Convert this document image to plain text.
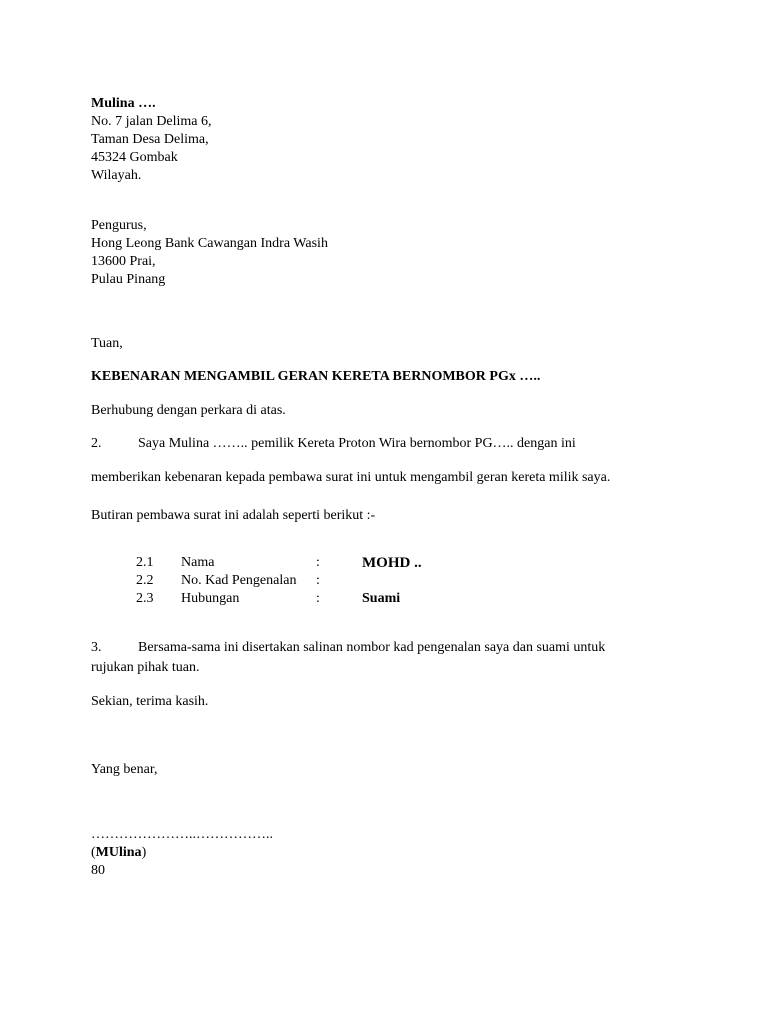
Mulina ….
No. 7 jalan Delima 6,
Taman Desa Delima,
45324 Gombak
Wilayah.
Pengurus,
Hong Leong Bank Cawangan Indra Wasih
13600 Prai,
Pulau Pinang
Tuan,
KEBENARAN MENGAMBIL GERAN KERETA BERNOMBOR PGx …..
Berhubung dengan perkara di atas.
2.	Saya Mulina …….. pemilik Kereta Proton Wira bernombor PG….. dengan ini
memberikan kebenaran kepada pembawa surat ini untuk mengambil geran kereta milik saya.
Butiran pembawa surat ini adalah seperti berikut :-
2.1	Nama	:	MOHD ..
2.2	No. Kad Pengenalan	:	
2.3	Hubungan	:	Suami
3.	Bersama-sama ini disertakan salinan nombor kad pengenalan saya dan suami untuk
rujukan pihak tuan.
Sekian, terima kasih.
Yang benar,
…………………..……………..
(MUlina)
80
